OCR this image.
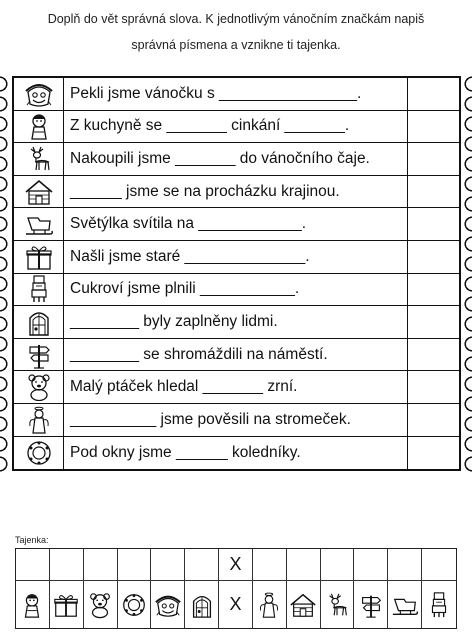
Doplň do vět správná slova. K jednotlivým vánočním značkám napiš
správná písmena a vznikne ti tajenka.
Pekli jsme vánočku s ________________.
Z kuchyně se _______ cinkání _______.
Nakoupili jsme _______ do vánočního čaje.
______ jsme se na procházku krajinou.
Světýlka svítila na ____________.
Našli jsme staré ______________.
Cukroví jsme plnili ___________.
________ byly zaplněny lidmi.
________ se shromáždili na náměstí.
Malý ptáček hledal _______ zrní.
__________ jsme pověsili na stromeček.
Pod okny jsme ______ koledníky.
Tajenka:
X
X
